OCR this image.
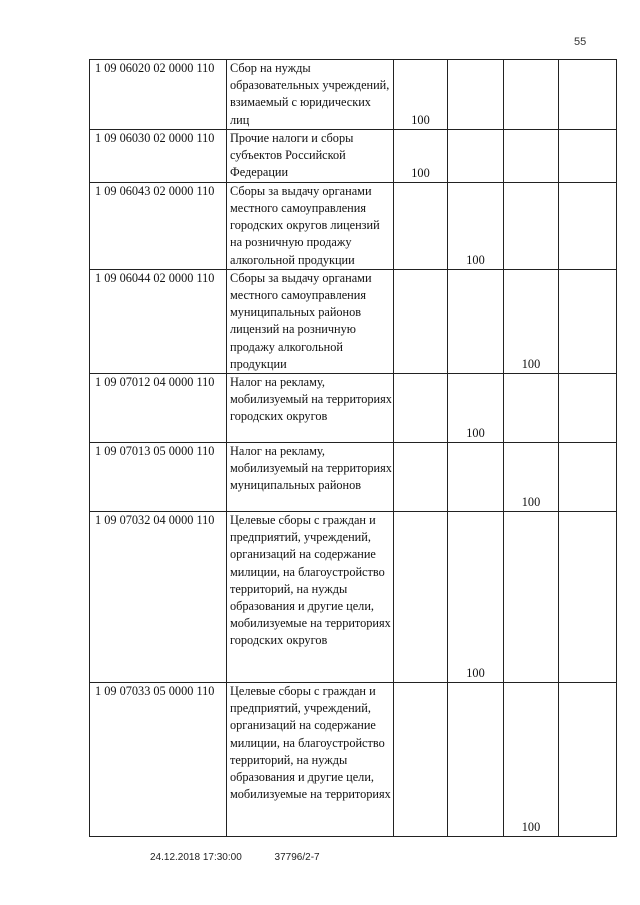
55
1 09 06020 02 0000 110	Сбор на нужды образовательных учреждений, взимаемый с юридических лиц	100			
1 09 06030 02 0000 110	Прочие налоги и сборы субъектов Российской Федерации	100			
1 09 06043 02 0000 110	Сборы за выдачу органами местного самоуправления городских округов лицензий на розничную продажу алкогольной продукции		100		
1 09 06044 02 0000 110	Сборы за выдачу органами местного самоуправления муниципальных районов лицензий на розничную продажу алкогольной продукции			100	
1 09 07012 04 0000 110	Налог на рекламу, мобилизуемый на территориях городских округов		100		
1 09 07013 05 0000 110	Налог на рекламу, мобилизуемый на территориях муниципальных районов			100	
1 09 07032 04 0000 110	Целевые сборы с граждан и предприятий, учреждений, организаций на содержание милиции, на благоустройство территорий, на нужды образования и другие цели, мобилизуемые на территориях городских округов		100		
1 09 07033 05 0000 110	Целевые сборы с граждан и предприятий, учреждений, организаций на содержание милиции, на благоустройство территорий, на нужды образования и другие цели, мобилизуемые на территориях			100	
24.12.2018 17:30:00	37796/2-7
